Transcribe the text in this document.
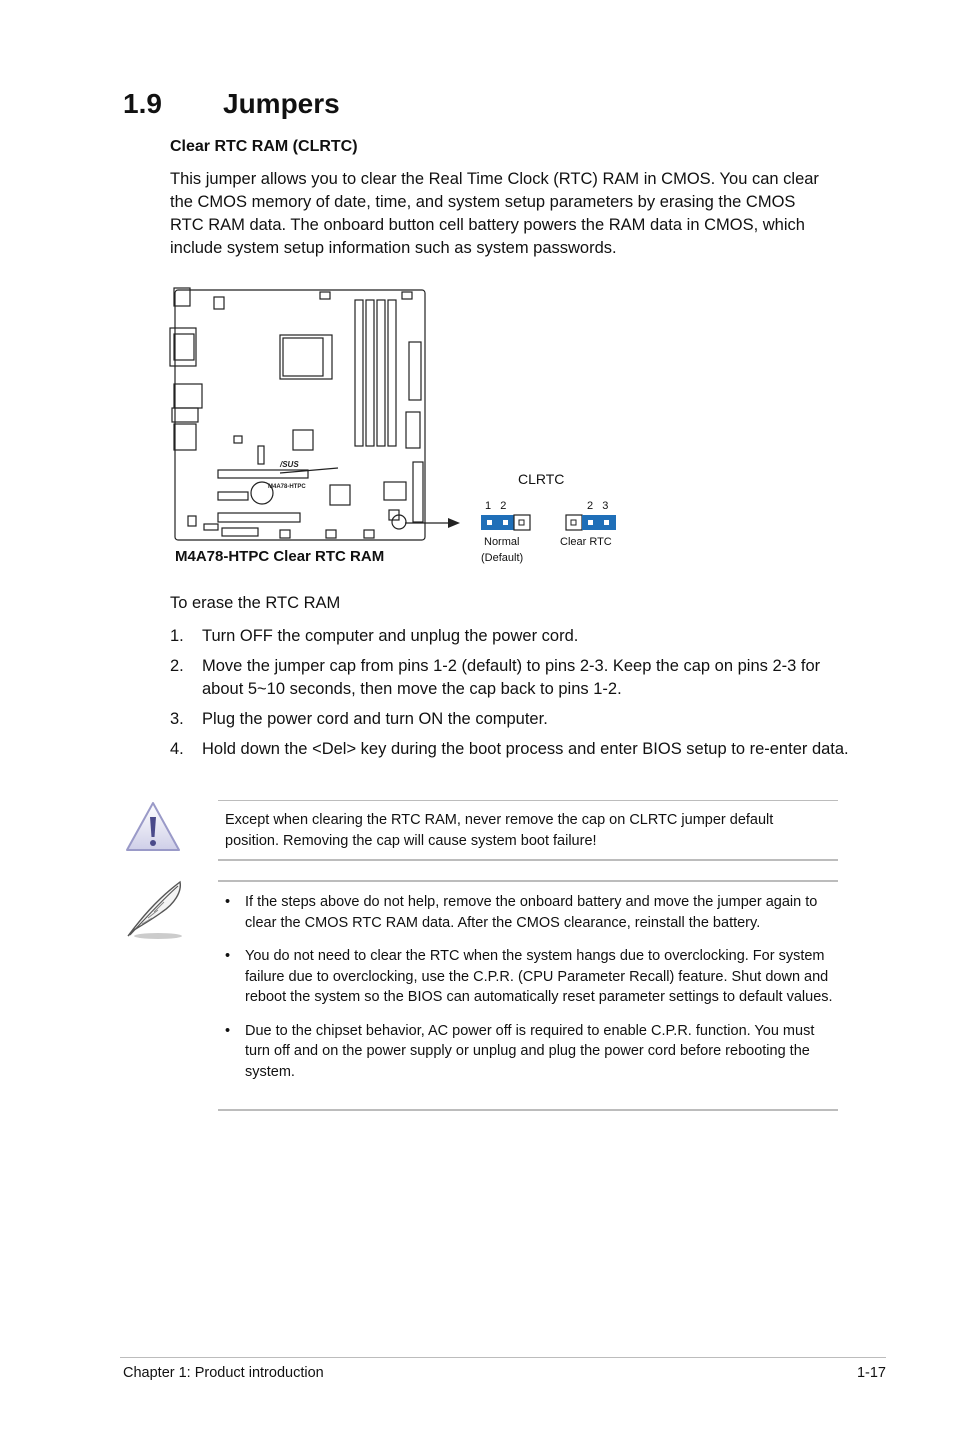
1.9 Jumpers
Clear RTC RAM (CLRTC)

This jumper allows you to clear the Real Time Clock (RTC) RAM in CMOS. You can clear the CMOS memory of date, time, and system setup parameters by erasing the CMOS RTC RAM data. The onboard button cell battery powers the RAM data in CMOS, which include system setup information such as system passwords.

/SUS
M4A78-HTPC
M4A78-HTPC Clear RTC RAM
CLRTC
1   2
Normal
(Default)
2   3
Clear RTC

To erase the RTC RAM

1. Turn OFF the computer and unplug the power cord.
2. Move the jumper cap from pins 1-2 (default) to pins 2-3. Keep the cap on pins 2-3 for about 5~10 seconds, then move the cap back to pins 1-2.
3. Plug the power cord and turn ON the computer.
4. Hold down the <Del> key during the boot process and enter BIOS setup to re-enter data.

Except when clearing the RTC RAM, never remove the cap on CLRTC jumper default position. Removing the cap will cause system boot failure!

• If the steps above do not help, remove the onboard battery and move the jumper again to clear the CMOS RTC RAM data. After the CMOS clearance, reinstall the battery.
• You do not need to clear the RTC when the system hangs due to overclocking. For system failure due to overclocking, use the C.P.R. (CPU Parameter Recall) feature. Shut down and reboot the system so the BIOS can automatically reset parameter settings to default values.
• Due to the chipset behavior, AC power off is required to enable C.P.R. function. You must turn off and on the power supply or unplug and plug the power cord before rebooting the system.

Chapter 1: Product introduction	1-17
